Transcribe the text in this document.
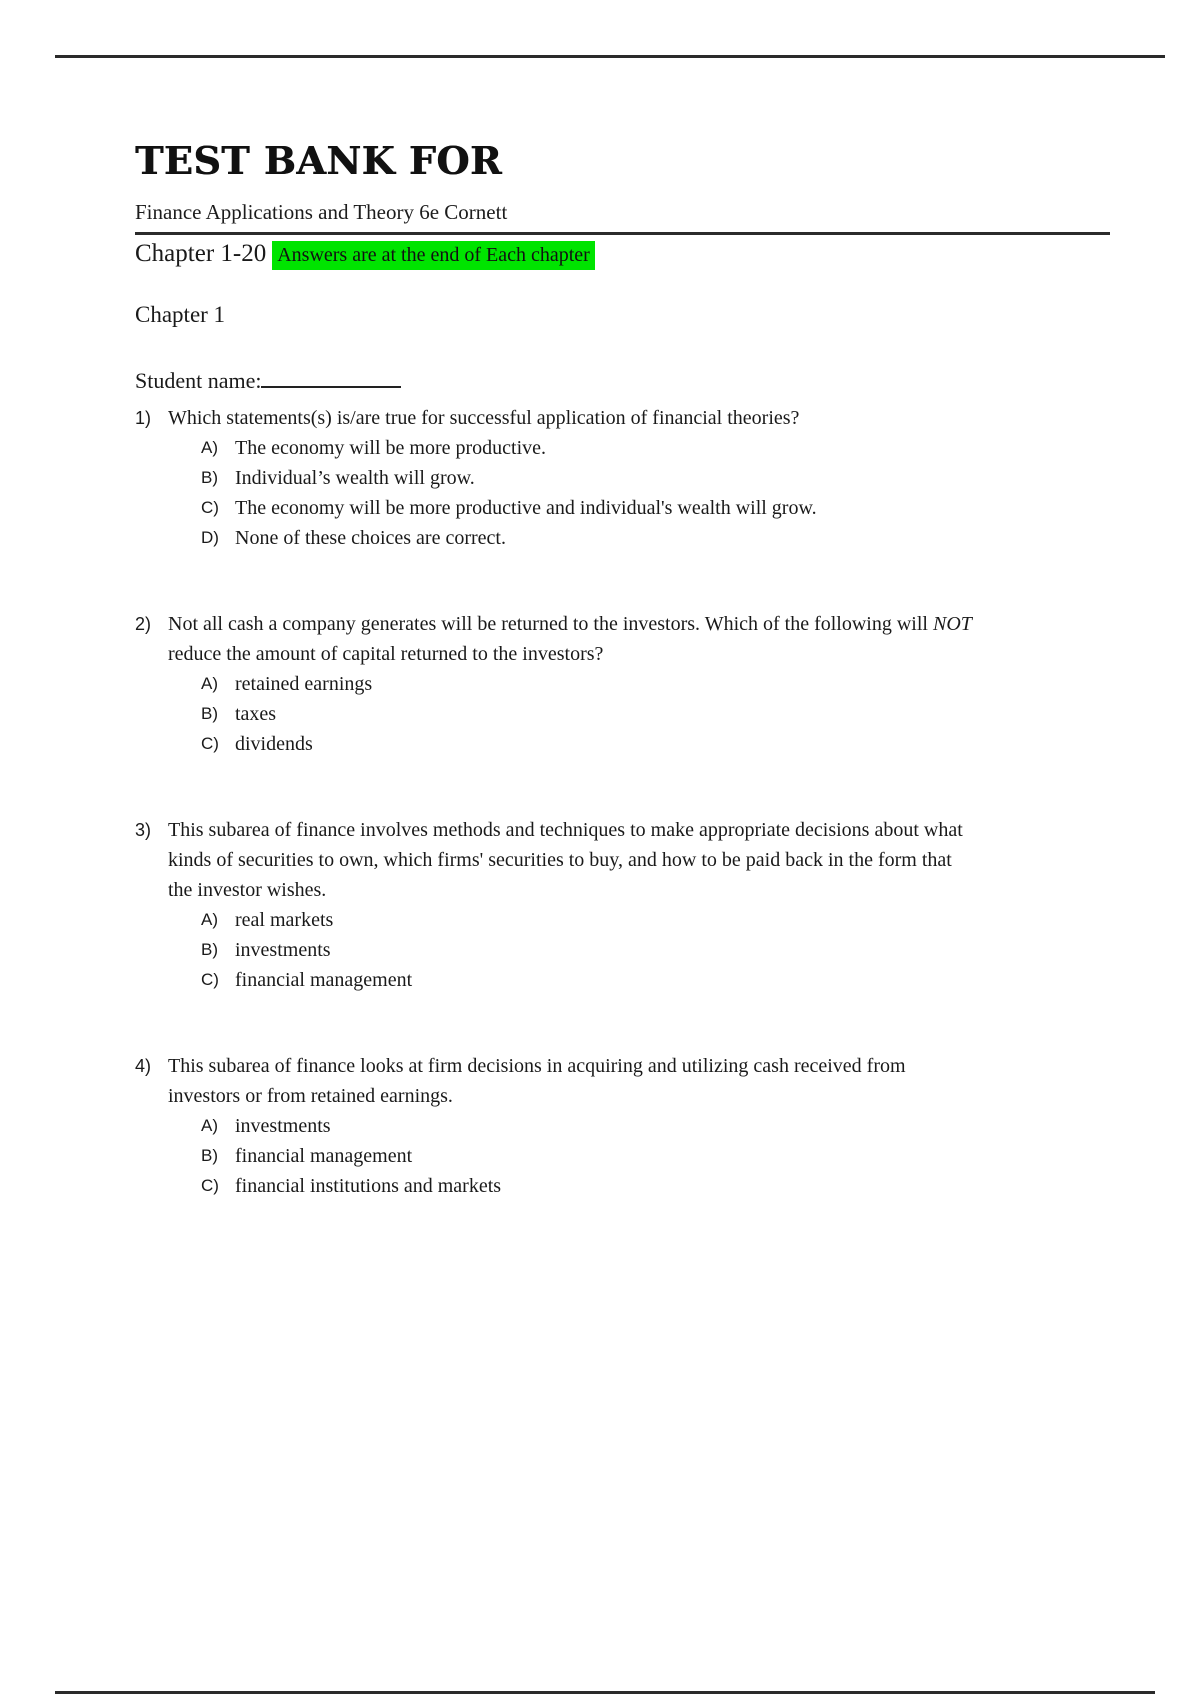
TEST BANK FOR
Finance Applications and Theory 6e Cornett
Chapter 1-20 Answers are at the end of Each chapter
Chapter 1
Student name:
1) Which statements(s) is/are true for successful application of financial theories?
A) The economy will be more productive.
B) Individual’s wealth will grow.
C) The economy will be more productive and individual's wealth will grow.
D) None of these choices are correct.
2) Not all cash a company generates will be returned to the investors. Which of the following will NOT reduce the amount of capital returned to the investors?
A) retained earnings
B) taxes
C) dividends
3) This subarea of finance involves methods and techniques to make appropriate decisions about what kinds of securities to own, which firms' securities to buy, and how to be paid back in the form that the investor wishes.
A) real markets
B) investments
C) financial management
4) This subarea of finance looks at firm decisions in acquiring and utilizing cash received from investors or from retained earnings.
A) investments
B) financial management
C) financial institutions and markets
